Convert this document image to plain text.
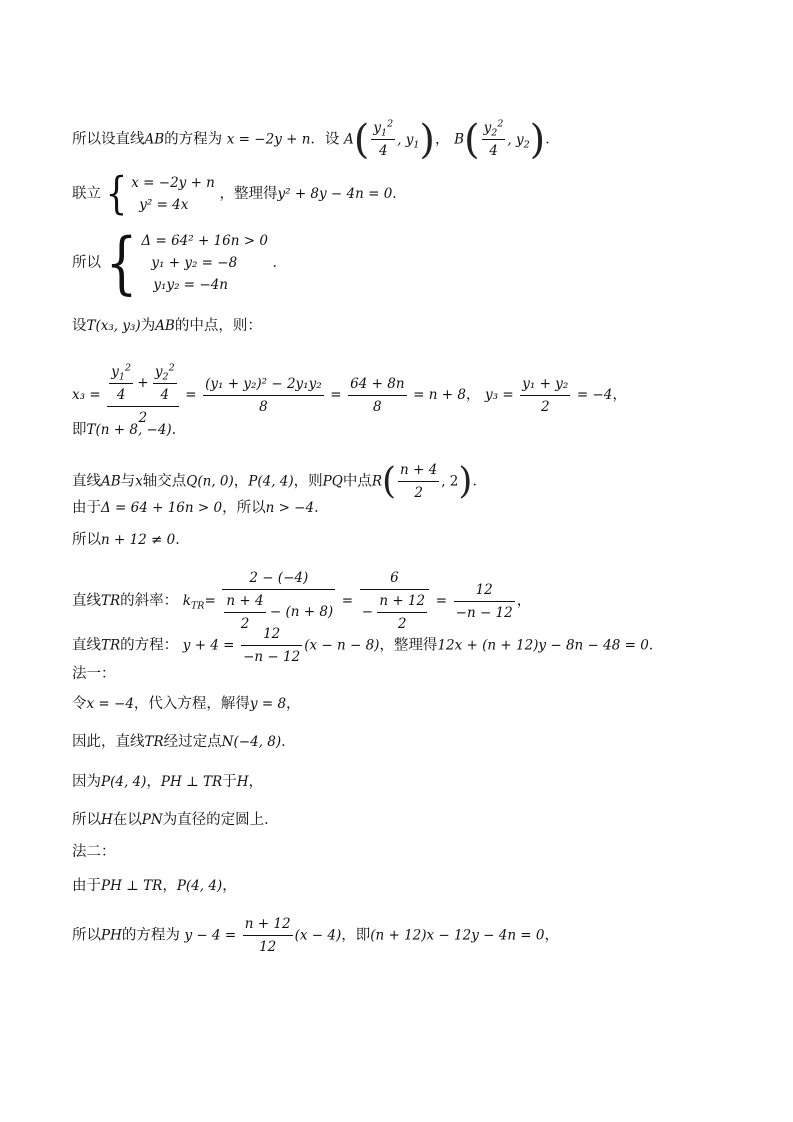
所以设直线AB的方程为 x = −2y + n．设 $A( \frac{y_1^2}{4}$ , $y_1$)， $B( \frac{y_2^2}{4}$ , $y_2$)．
联立 { x = −2y + n
y² = 4x
，整理得y² + 8y − 4n = 0．
所以 { Δ = 64² + 16n > 0
y₁ + y₂ = −8
y₁y₂ = −4n
．
设T(x₃, y₃)为AB的中点，则：
$x_3 = \frac{\frac{y_1^2}{4} + \frac{y_2^2}{4}}{2} = \frac{\text{(y₁ + y₂)² − 2y₁y₂}}{8} = \frac{64 + 8n}{8} = n + 8$， $y_3 = \frac{\text{y₁ + y₂}}{2} = -4$，
即T(n + 8, −4)．
直线AB与x轴交点Q(n, 0)，P(4, 4)，则PQ中点$R( \frac{n + 4}{2}$ , 2)．
由于Δ = 64 + 16n > 0，所以n > −4．
所以n + 12 ≠ 0．
直线TR的斜率： $k_{TR}= \frac{2 - (-4)}{\frac{n + 4}{2} - (n + 8)} = \frac{6}{- \frac{n + 12}{2}} = \frac{12}{-n - 12}$ ，
直线TR的方程： $y + 4 = \frac{12}{-n - 12} (x - n - 8)$，整理得12x + (n + 12)y − 8n − 48 = 0．
法一：
令x = −4，代入方程，解得y = 8，
因此，直线TR经过定点N(−4, 8)．
因为P(4, 4)，PH ⊥ TR于H，
所以H在以PN为直径的定圆上．
法二：
由于PH ⊥ TR，P(4, 4)，
所以PH的方程为 $y - 4 = \frac{n + 12}{12} (x - 4)$，即(n + 12)x − 12y − 4n = 0，
